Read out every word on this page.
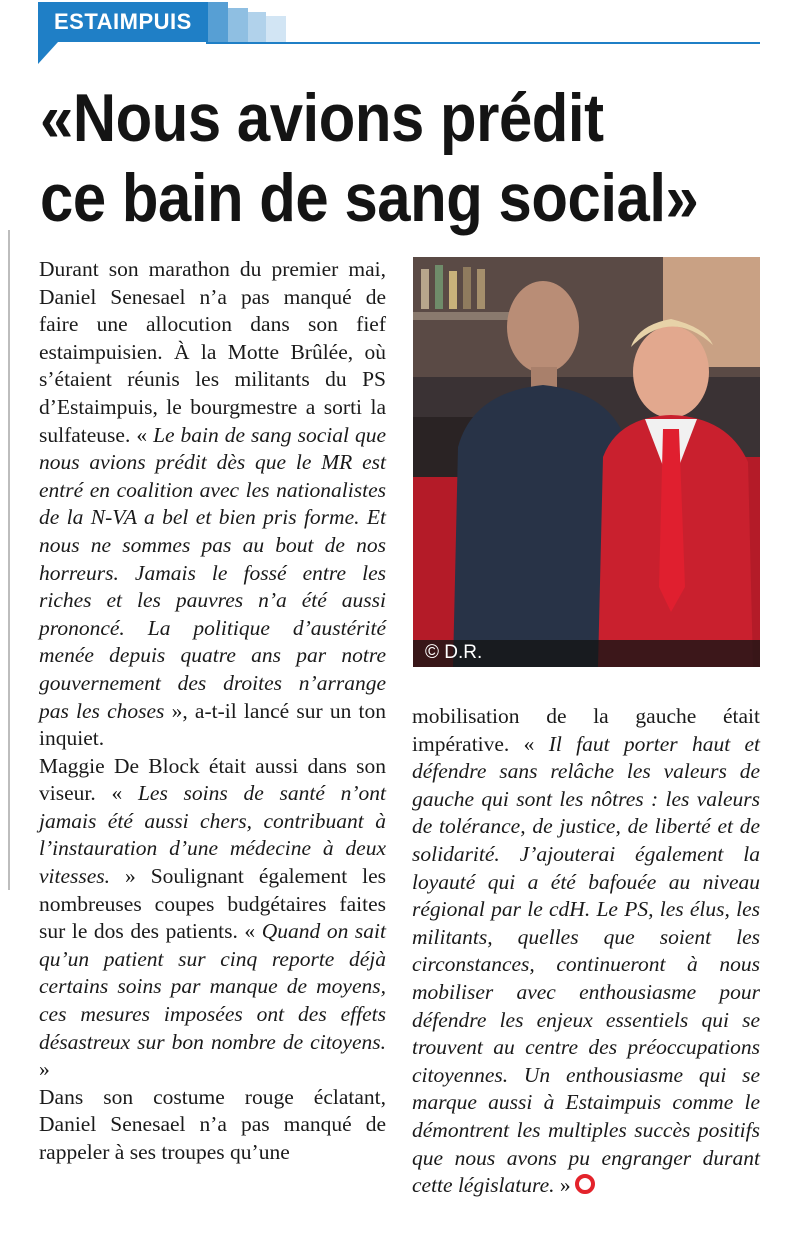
ESTAIMPUIS
«Nous avions prédit
ce bain de sang social»

Durant son marathon du premier mai, Daniel Senesael n’a pas manqué de faire une allocution dans son fief estaimpuisien. À la Motte Brûlée, où s’étaient réunis les militants du PS d’Estaimpuis, le bourgmestre a sorti la sulfateuse. « Le bain de sang social que nous avions prédit dès que le MR est entré en coalition avec les nationalistes de la N-VA a bel et bien pris forme. Et nous ne sommes pas au bout de nos horreurs. Jamais le fossé entre les riches et les pauvres n’a été aussi prononcé. La politique d’austérité menée depuis quatre ans par notre gouvernement des droites n’arrange pas les choses », a-t-il lancé sur un ton inquiet.

Maggie De Block était aussi dans son viseur. « Les soins de santé n’ont jamais été aussi chers, contribuant à l’instauration d’une médecine à deux vitesses. » Soulignant également les nombreuses coupes budgétaires faites sur le dos des patients. « Quand on sait qu’un patient sur cinq reporte déjà certains soins par manque de moyens, ces mesures imposées ont des effets désastreux sur bon nombre de citoyens. »

Dans son costume rouge éclatant, Daniel Senesael n’a pas manqué de rappeler à ses troupes qu’une

© D.R.

mobilisation de la gauche était impérative. « Il faut porter haut et défendre sans relâche les valeurs de gauche qui sont les nôtres : les valeurs de tolérance, de justice, de liberté et de solidarité. J’ajouterai également la loyauté qui a été bafouée au niveau régional par le cdH. Le PS, les élus, les militants, quelles que soient les circonstances, continueront à nous mobiliser avec enthousiasme pour défendre les enjeux essentiels qui se trouvent au centre des préoccupations citoyennes. Un enthousiasme qui se marque aussi à Estaimpuis comme le démontrent les multiples succès positifs que nous avons pu engranger durant cette législature. »
